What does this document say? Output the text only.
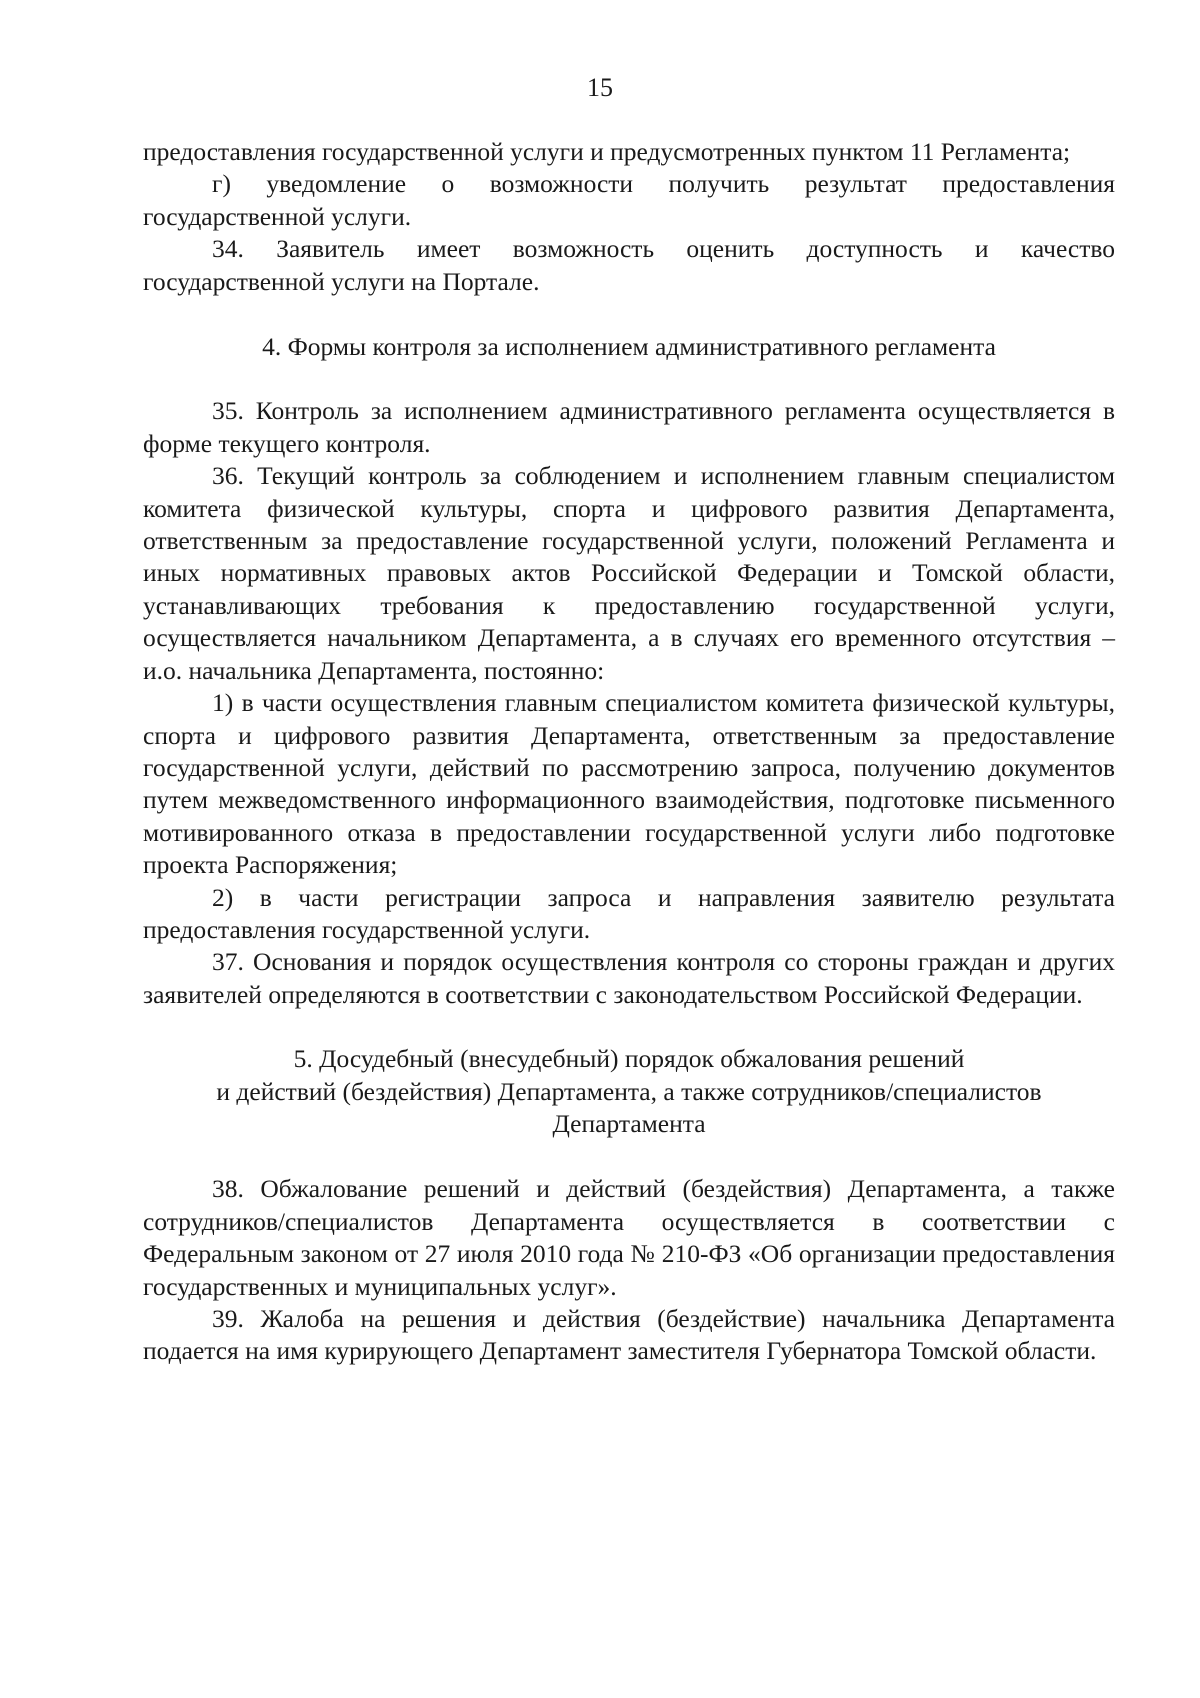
15

предоставления государственной услуги и предусмотренных пунктом 11 Регламента;

г) уведомление о возможности получить результат предоставления государственной услуги.

34. Заявитель имеет возможность оценить доступность и качество государственной услуги на Портале.

4. Формы контроля за исполнением административного регламента

35. Контроль за исполнением административного регламента осуществляется в форме текущего контроля.

36. Текущий контроль за соблюдением и исполнением главным специалистом комитета физической культуры, спорта и цифрового развития Департамента, ответственным за предоставление государственной услуги, положений Регламента и иных нормативных правовых актов Российской Федерации и Томской области, устанавливающих требования к предоставлению государственной услуги, осуществляется начальником Департамента, а в случаях его временного отсутствия – и.о. начальника Департамента, постоянно:

1) в части осуществления главным специалистом комитета физической культуры, спорта и цифрового развития Департамента, ответственным за предоставление государственной услуги, действий по рассмотрению запроса, получению документов путем межведомственного информационного взаимодействия, подготовке письменного мотивированного отказа в предоставлении государственной услуги либо подготовке проекта Распоряжения;

2) в части регистрации запроса и направления заявителю результата предоставления государственной услуги.

37. Основания и порядок осуществления контроля со стороны граждан и других заявителей определяются в соответствии с законодательством Российской Федерации.

5. Досудебный (внесудебный) порядок обжалования решений
и действий (бездействия) Департамента, а также сотрудников/специалистов
Департамента

38. Обжалование решений и действий (бездействия) Департамента, а также сотрудников/специалистов Департамента осуществляется в соответствии с Федеральным законом от 27 июля 2010 года № 210-ФЗ «Об организации предоставления государственных и муниципальных услуг».

39. Жалоба на решения и действия (бездействие) начальника Департамента подается на имя курирующего Департамент заместителя Губернатора Томской области.
